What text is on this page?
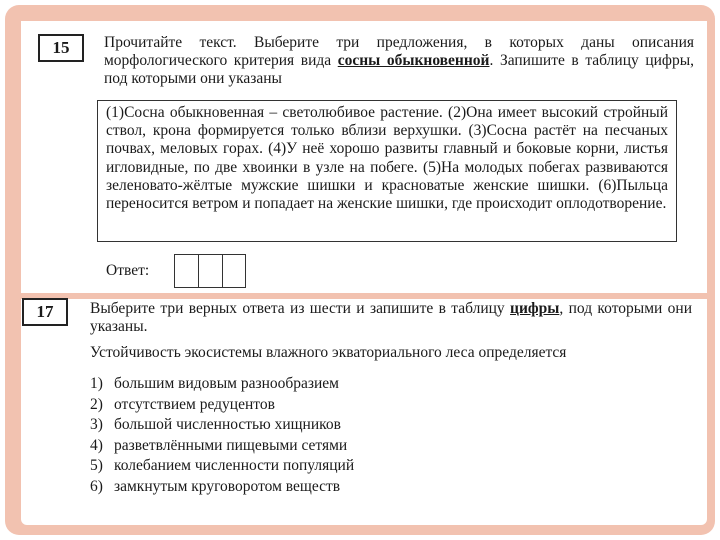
15	Прочитайте текст. Выберите три предложения, в которых даны описания морфологического критерия вида сосны обыкновенной. Запишите в таблицу цифры, под которыми они указаны
(1)Сосна обыкновенная – светолюбивое растение. (2)Она имеет высокий стройный ствол, крона формируется только вблизи верхушки. (3)Сосна растёт на песчаных почвах, меловых горах. (4)У неё хорошо развиты главный и боковые корни, листья игловидные, по две хвоинки в узле на побеге. (5)На молодых побегах развиваются зеленовато-жёлтые мужские шишки и красноватые женские шишки. (6)Пыльца переносится ветром и попадает на женские шишки, где происходит оплодотворение.
Ответ:
17	Выберите три верных ответа из шести и запишите в таблицу цифры, под которыми они указаны.
Устойчивость экосистемы влажного экваториального леса определяется
1) большим видовым разнообразием
2) отсутствием редуцентов
3) большой численностью хищников
4) разветвлёнными пищевыми сетями
5) колебанием численности популяций
6) замкнутым круговоротом веществ
